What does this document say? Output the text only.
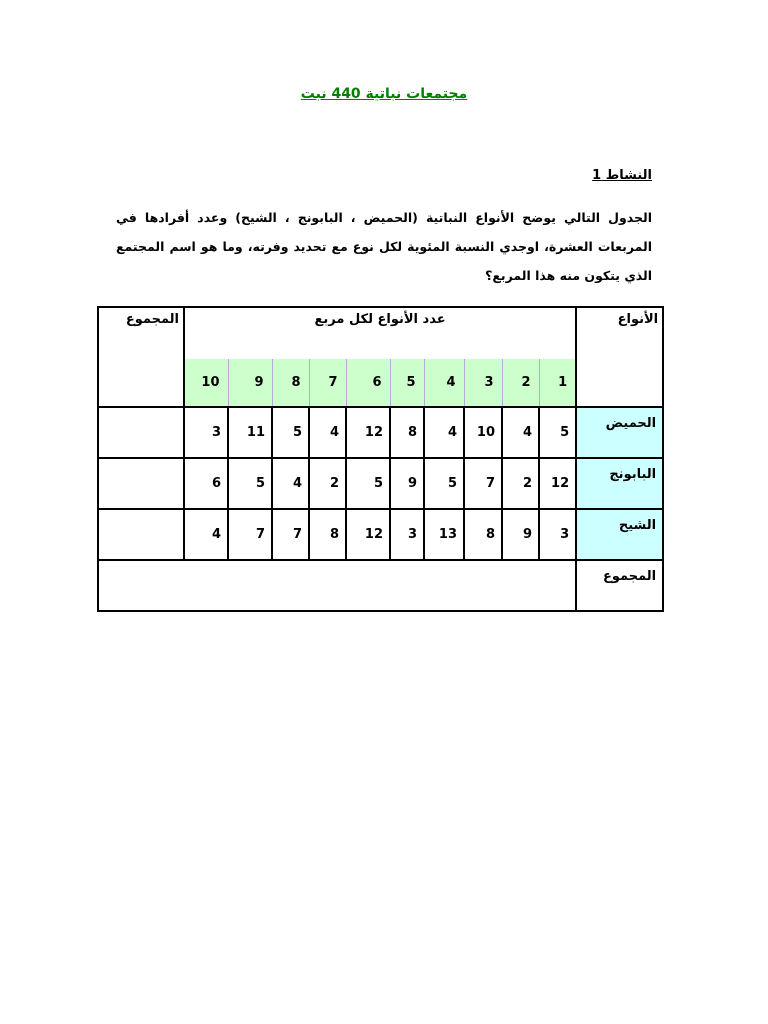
مجتمعات نباتية 440 نبت

النشاط 1

الجدول التالي يوضح الأنواع النباتية (الحميض ، البابونج ، الشيح) وعدد أفرادها في المربعات العشرة، اوجدي النسبة المئوية لكل نوع مع تحديد وفرته، وما هو اسم المجتمع الذي يتكون منه هذا المربع؟

المجموع	عدد الأنواع لكل مربع										الأنواع
	10	9	8	7	6	5	4	3	2	1	
	3	11	5	4	12	8	4	10	4	5	الحميض
	6	5	4	2	5	9	5	7	2	12	البابونج
	4	7	7	8	12	3	13	8	9	3	الشيح
											المجموع
